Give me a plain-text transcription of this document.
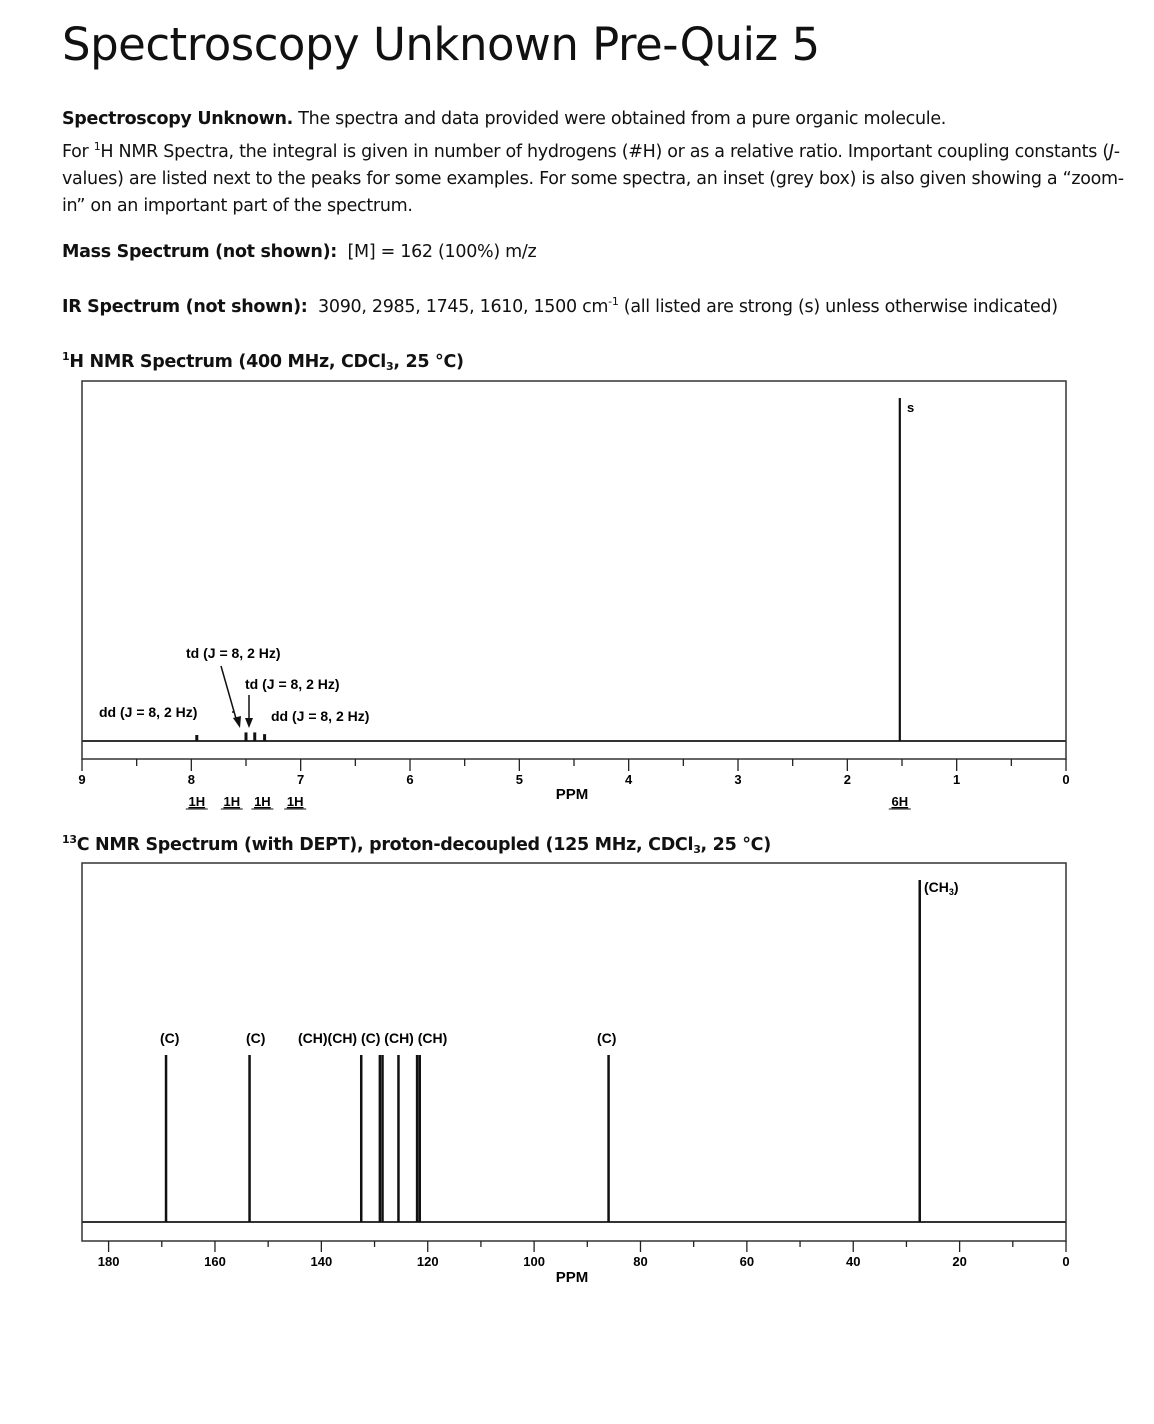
Spectroscopy Unknown Pre-Quiz 5
Spectroscopy Unknown. The spectra and data provided were obtained from a pure organic molecule.
For $^1$H NMR Spectra, the integral is given in number of hydrogens (#H) or as a relative ratio. Important coupling constants (J-values) are listed next to the peaks for some examples. For some spectra, an inset (grey box) is also given showing a “zoom-in” on an important part of the spectrum.
Mass Spectrum (not shown): [M] = 162 (100%) m/z
IR Spectrum (not shown): 3090, 2985, 1745, 1610, 1500 $cm^{-1}$ (all listed are strong (s) unless otherwise indicated)
$^1$H NMR Spectrum (400 MHz, CDCl3, 25 °C)
9	8	7	6	5	4	3	2	1	0
1H 1H 1H 1H	6H
PPM
td (J = 8, 2 Hz)
td (J = 8, 2 Hz)
dd (J = 8, 2 Hz)	dd (J = 8, 2 Hz)
s
$^{13}$C NMR Spectrum (with DEPT), proton-decoupled (125 MHz, CDCl3, 25 °C)
180	160	140	120	100	80	60	40	20	0
PPM
(C)	(C) (CH)(CH) (C) (CH) (CH)	(C)
$(CH_3)$
